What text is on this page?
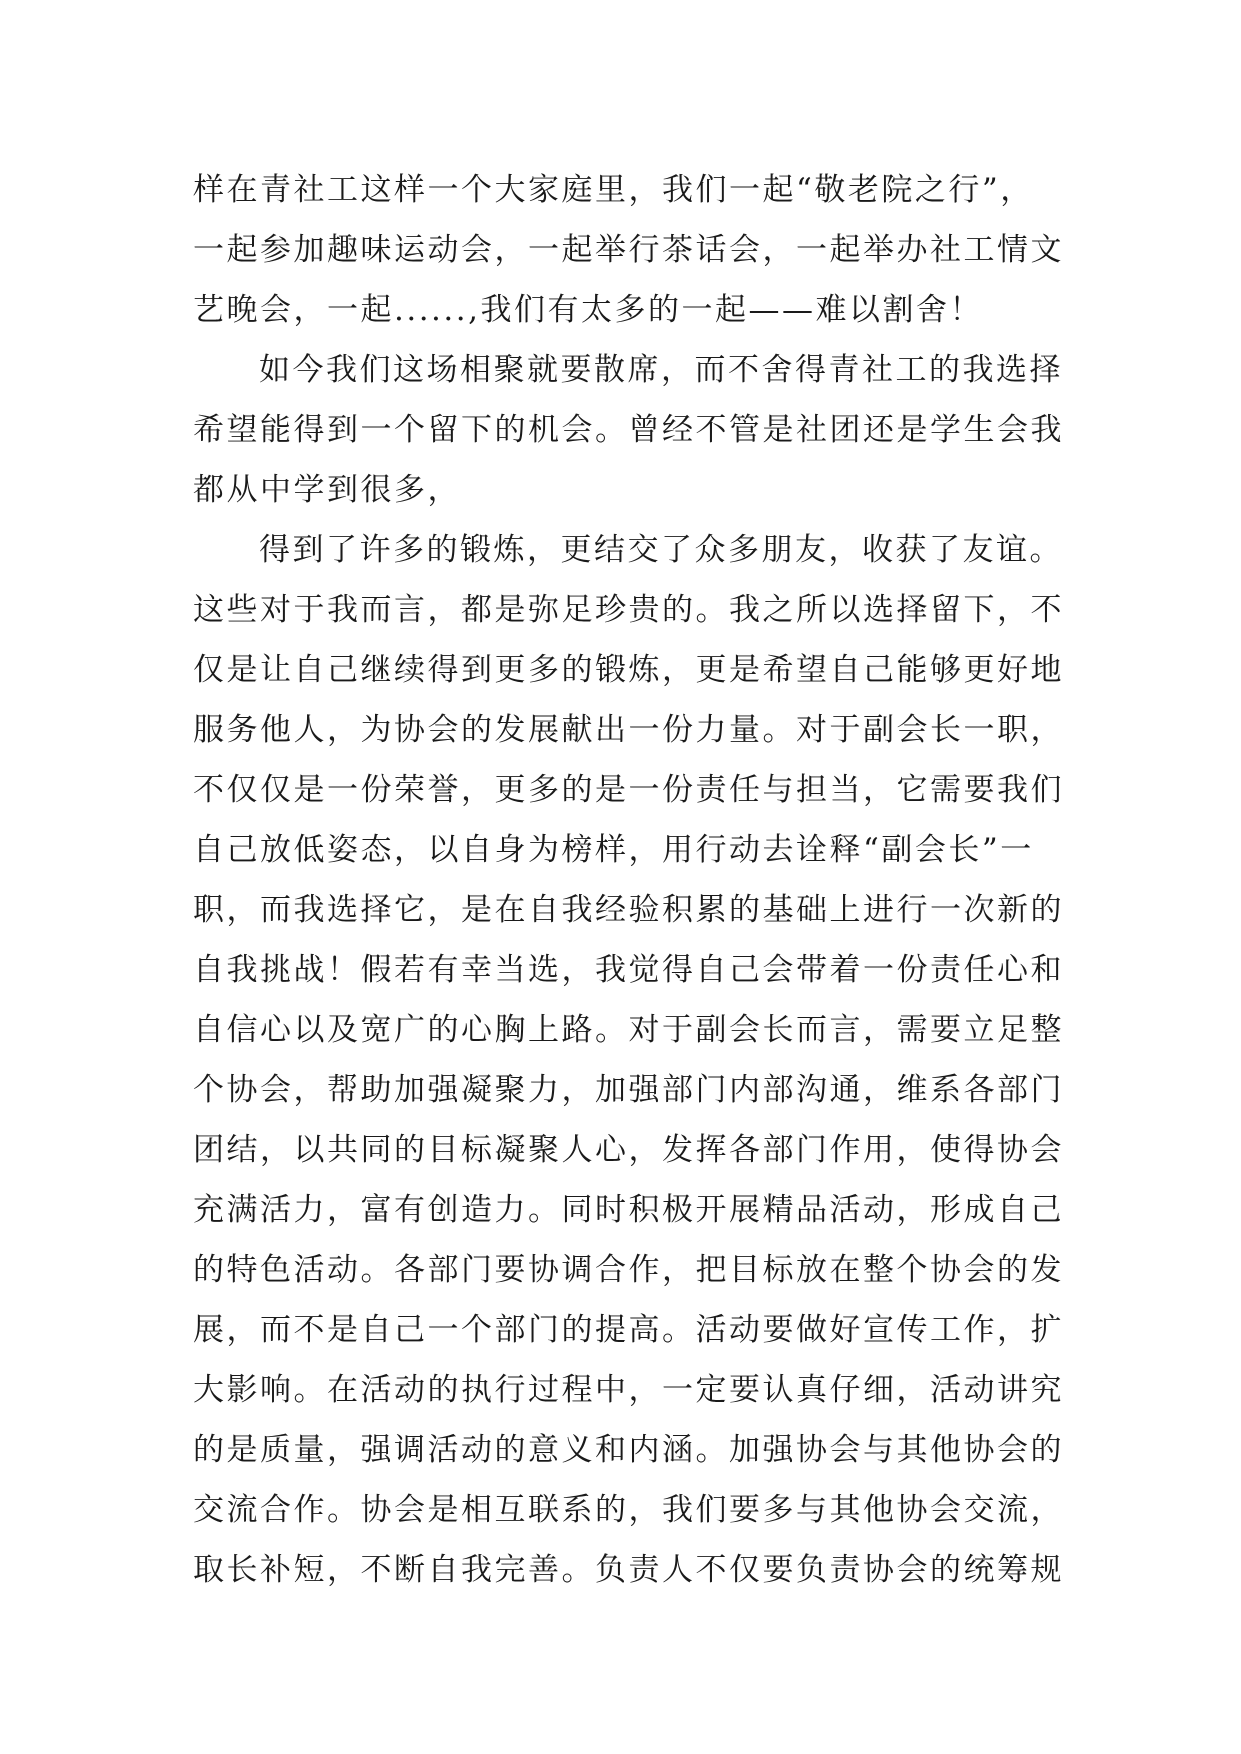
样在青社工这样一个大家庭里，我们一起“敬老院之行”，
一起参加趣味运动会，一起举行茶话会，一起举办社工情文
艺晚会，一起......,我们有太多的一起——难以割舍！
如今我们这场相聚就要散席，而不舍得青社工的我选择
希望能得到一个留下的机会。曾经不管是社团还是学生会我
都从中学到很多，
得到了许多的锻炼，更结交了众多朋友，收获了友谊。
这些对于我而言，都是弥足珍贵的。我之所以选择留下，不
仅是让自己继续得到更多的锻炼，更是希望自己能够更好地
服务他人，为协会的发展献出一份力量。对于副会长一职，
不仅仅是一份荣誉，更多的是一份责任与担当，它需要我们
自己放低姿态，以自身为榜样，用行动去诠释“副会长”一
职，而我选择它，是在自我经验积累的基础上进行一次新的
自我挑战！假若有幸当选，我觉得自己会带着一份责任心和
自信心以及宽广的心胸上路。对于副会长而言，需要立足整
个协会，帮助加强凝聚力，加强部门内部沟通，维系各部门
团结，以共同的目标凝聚人心，发挥各部门作用，使得协会
充满活力，富有创造力。同时积极开展精品活动，形成自己
的特色活动。各部门要协调合作，把目标放在整个协会的发
展，而不是自己一个部门的提高。活动要做好宣传工作，扩
大影响。在活动的执行过程中，一定要认真仔细，活动讲究
的是质量，强调活动的意义和内涵。加强协会与其他协会的
交流合作。协会是相互联系的，我们要多与其他协会交流，
取长补短，不断自我完善。负责人不仅要负责协会的统筹规
